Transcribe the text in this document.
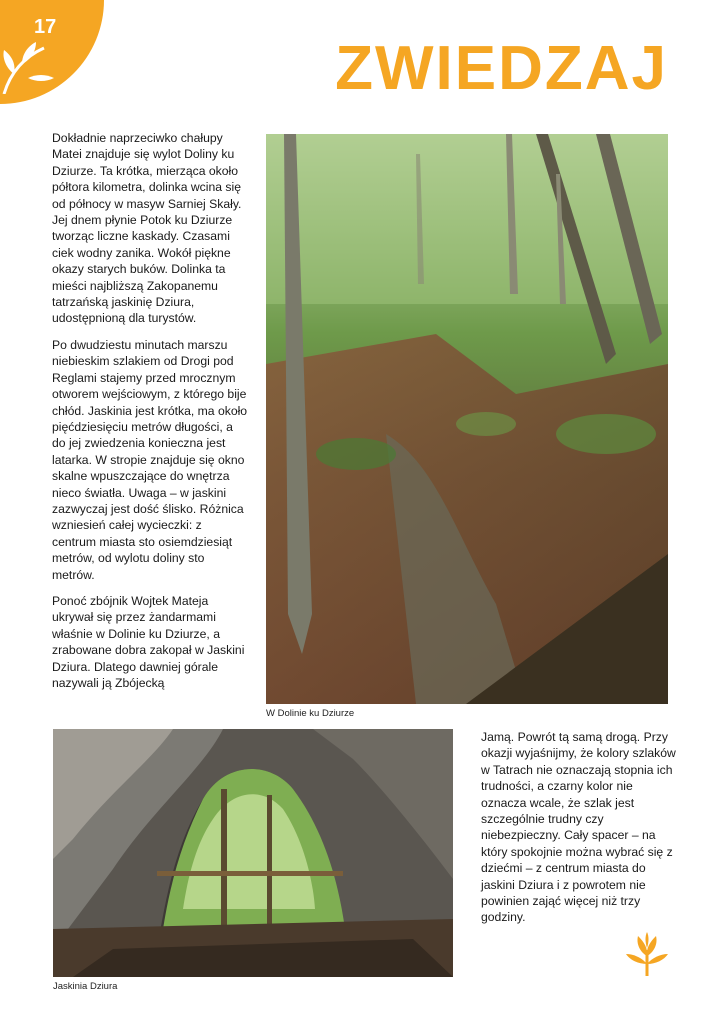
17
ZWIEDZAJ

Dokładnie naprzeciwko chałupy Matei znajduje się wylot Doliny ku Dziurze. Ta krótka, mierząca około półtora kilometra, dolinka wcina się od północy w masyw Sarniej Skały. Jej dnem płynie Potok ku Dziurze tworząc liczne kaskady. Czasami ciek wodny zanika. Wokół piękne okazy starych buków. Dolinka ta mieści najbliższą Zakopanemu tatrzańską jaskinię Dziura, udostępnioną dla turystów.

Po dwudziestu minutach marszu niebieskim szlakiem od Drogi pod Reglami stajemy przed mrocznym otworem wejściowym, z którego bije chłód. Jaskinia jest krótka, ma około pięćdziesięciu metrów długości, a do jej zwiedzenia konieczna jest latarka. W stropie znajduje się okno skalne wpuszczające do wnętrza nieco światła. Uwaga – w jaskini zazwyczaj jest dość ślisko. Różnica wzniesień całej wycieczki: z centrum miasta sto osiemdziesiąt metrów, od wylotu doliny sto metrów.

Ponoć zbójnik Wojtek Mateja ukrywał się przez żandarmami właśnie w Dolinie ku Dziurze, a zrabowane dobra zakopał w Jaskini Dziura. Dlatego dawniej górale nazywali ją Zbójecką

W Dolinie ku Dziurze
Jaskinia Dziura

Jamą. Powrót tą samą drogą. Przy okazji wyjaśnijmy, że kolory szlaków w Tatrach nie oznaczają stopnia ich trudności, a czarny kolor nie oznacza wcale, że szlak jest szczególnie trudny czy niebezpieczny. Cały spacer – na który spokojnie można wybrać się z dziećmi – z centrum miasta do jaskini Dziura i z powrotem nie powinien zająć więcej niż trzy godziny.
